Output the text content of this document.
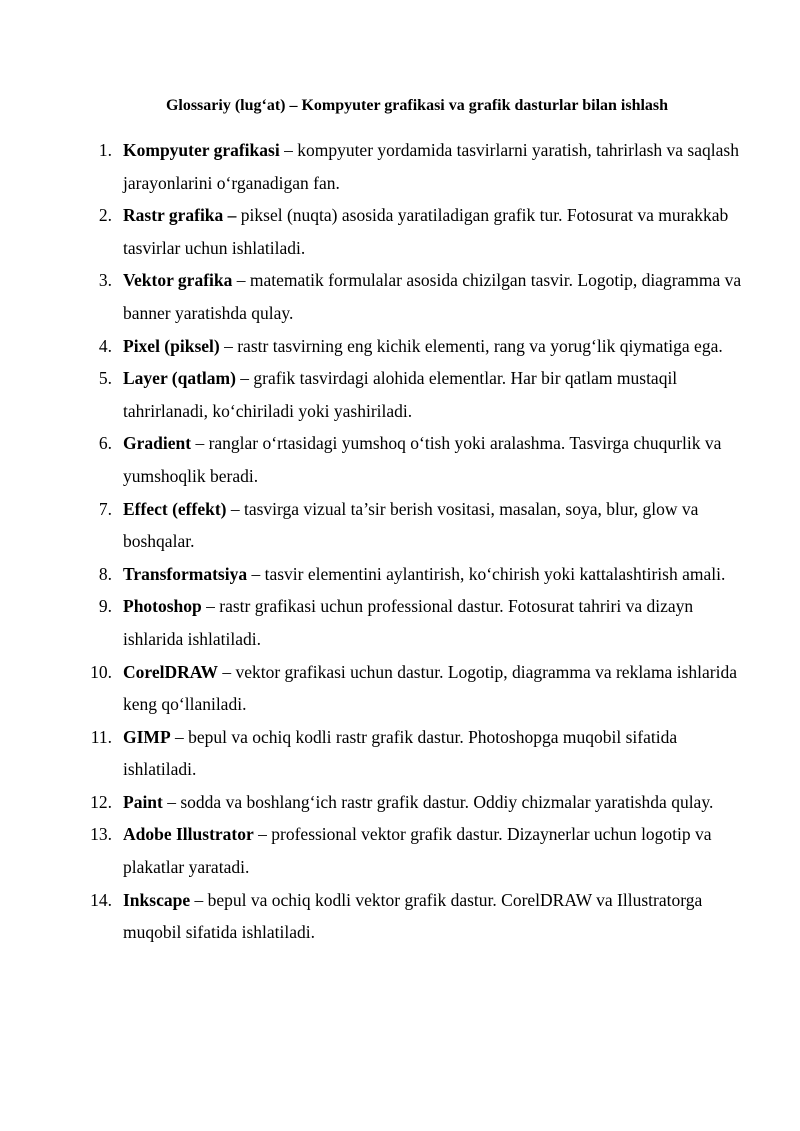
Glossariy (lug‘at) – Kompyuter grafikasi va grafik dasturlar bilan ishlash
1. Kompyuter grafikasi – kompyuter yordamida tasvirlarni yaratish, tahrirlash va saqlash jarayonlarini o‘rganadigan fan.
2. Rastr grafika – piksel (nuqta) asosida yaratiladigan grafik tur. Fotosurat va murakkab tasvirlar uchun ishlatiladi.
3. Vektor grafika – matematik formulalar asosida chizilgan tasvir. Logotip, diagramma va banner yaratishda qulay.
4. Pixel (piksel) – rastr tasvirning eng kichik elementi, rang va yorug‘lik qiymatiga ega.
5. Layer (qatlam) – grafik tasvirdagi alohida elementlar. Har bir qatlam mustaqil tahrirlanadi, ko‘chiriladi yoki yashiriladi.
6. Gradient – ranglar o‘rtasidagi yumshoq o‘tish yoki aralashma. Tasvirga chuqurlik va yumshoqlik beradi.
7. Effect (effekt) – tasvirga vizual ta’sir berish vositasi, masalan, soya, blur, glow va boshqalar.
8. Transformatsiya – tasvir elementini aylantirish, ko‘chirish yoki kattalashtirish amali.
9. Photoshop – rastr grafikasi uchun professional dastur. Fotosurat tahriri va dizayn ishlarida ishlatiladi.
10. CorelDRAW – vektor grafikasi uchun dastur. Logotip, diagramma va reklama ishlarida keng qo‘llaniladi.
11. GIMP – bepul va ochiq kodli rastr grafik dastur. Photoshopga muqobil sifatida ishlatiladi.
12. Paint – sodda va boshlang‘ich rastr grafik dastur. Oddiy chizmalar yaratishda qulay.
13. Adobe Illustrator – professional vektor grafik dastur. Dizaynerlar uchun logotip va plakatlar yaratadi.
14. Inkscape – bepul va ochiq kodli vektor grafik dastur. CorelDRAW va Illustratorga muqobil sifatida ishlatiladi.
